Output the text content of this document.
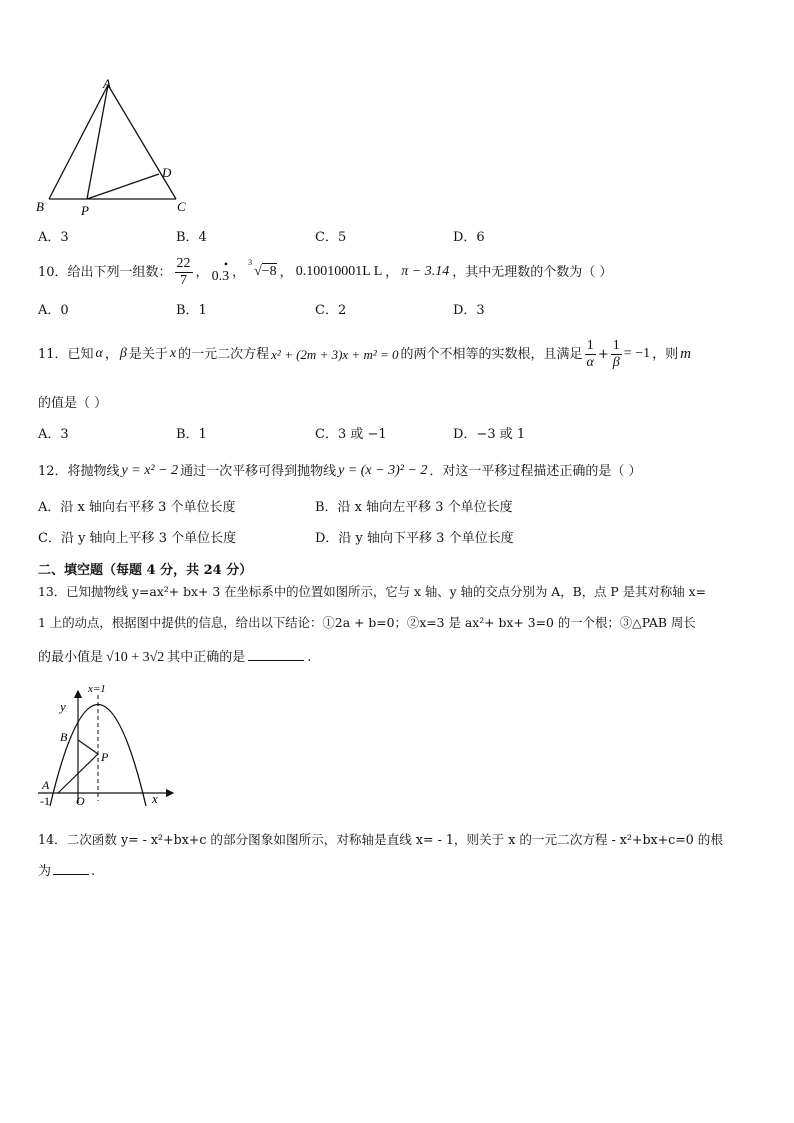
A
B	C
D
P
A．3	B．4	C．5	D．6
10．给出下列一组数： $\frac{22}{7}$ ，
•
0.3 ，
3
√−8 ， 0.10010001L L ， π − 3.14 ，其中无理数的个数为（ ）
A．0	B．1	C．2	D．3
11．已知 α ， β 是关于 x 的一元二次方程 x² + (2m + 3)x + m² = 0 的两个不相等的实数根，且满足 $\frac{1}{\alpha} + \frac{1}{\beta} = -1$ ，则 m
的值是（ ）
A．3	B．1	C．3 或 −1	D．−3 或 1
12．将抛物线 y = x² − 2 通过一次平移可得到抛物线 y = (x − 3)² − 2 ．对这一平移过程描述正确的是（ ）
A．沿 x 轴向右平移 3 个单位长度	B．沿 x 轴向左平移 3 个单位长度
C．沿 y 轴向上平移 3 个单位长度	D．沿 y 轴向下平移 3 个单位长度
二、填空题（每题 4 分，共 24 分）
13．已知抛物线 y=ax²+ bx+ 3 在坐标系中的位置如图所示，它与 x 轴、y 轴的交点分别为 A，B，点 P 是其对称轴 x=
1 上的动点，根据图中提供的信息，给出以下结论：①2a + b=0；②x=3 是 ax²+ bx+ 3=0 的一个根；③△PAB 周长
的最小值是 √10 + 3√2 其中正确的是	.
x=1
y
x
O
-1
A
B
P
14．二次函数 y= - x²+bx+c 的部分图象如图所示，对称轴是直线 x= - 1，则关于 x 的一元二次方程 - x²+bx+c=0 的根
为	.
